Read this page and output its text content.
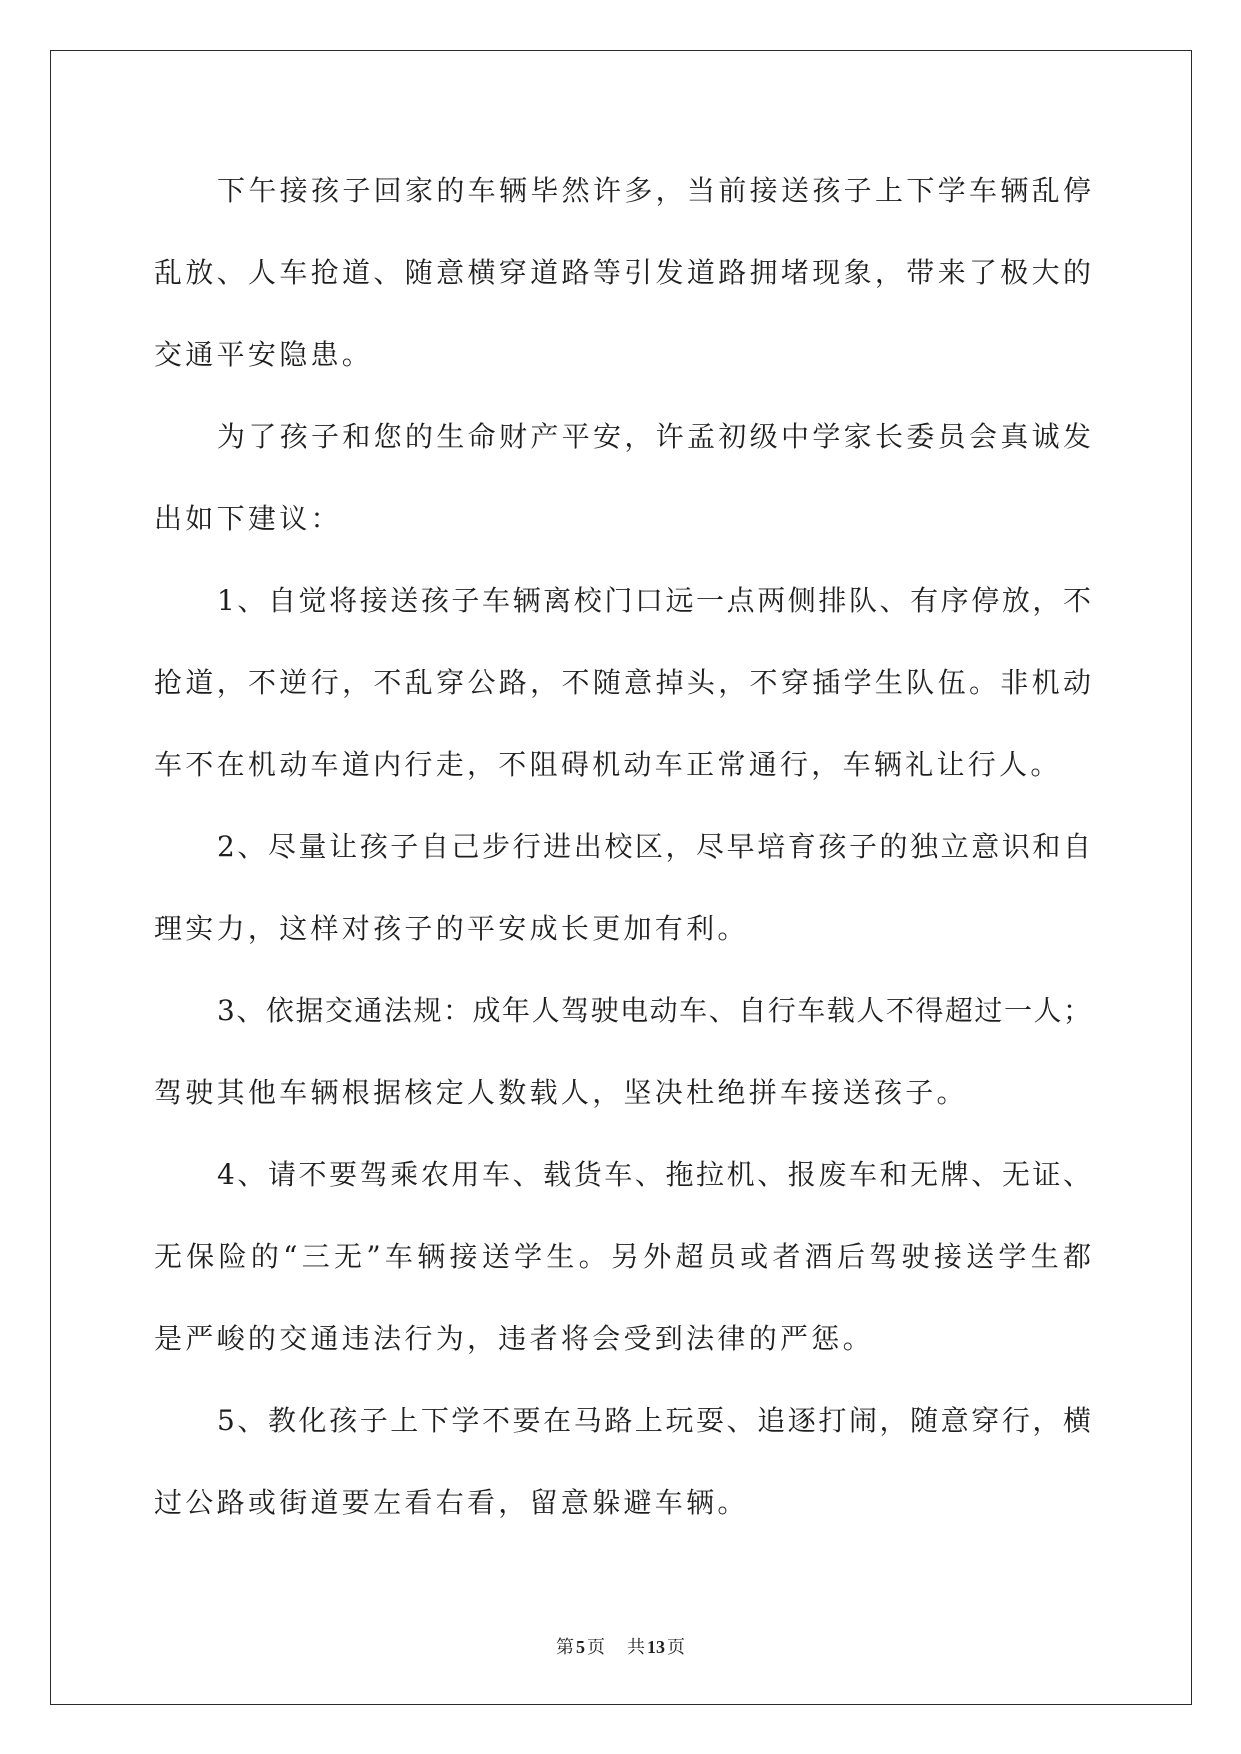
下午接孩子回家的车辆毕然许多，当前接送孩子上下学车辆乱停
乱放、人车抢道、随意横穿道路等引发道路拥堵现象，带来了极大的
交通平安隐患。
为了孩子和您的生命财产平安，许孟初级中学家长委员会真诚发
出如下建议：
1、自觉将接送孩子车辆离校门口远一点两侧排队、有序停放，不
抢道，不逆行，不乱穿公路，不随意掉头，不穿插学生队伍。非机动
车不在机动车道内行走，不阻碍机动车正常通行，车辆礼让行人。
2、尽量让孩子自己步行进出校区，尽早培育孩子的独立意识和自
理实力，这样对孩子的平安成长更加有利。
3、依据交通法规：成年人驾驶电动车、自行车载人不得超过一人；
驾驶其他车辆根据核定人数载人，坚决杜绝拼车接送孩子。
4、请不要驾乘农用车、载货车、拖拉机、报废车和无牌、无证、
无保险的“三无”车辆接送学生。另外超员或者酒后驾驶接送学生都
是严峻的交通违法行为，违者将会受到法律的严惩。
5、教化孩子上下学不要在马路上玩耍、追逐打闹，随意穿行，横
过公路或街道要左看右看，留意躲避车辆。
第 5 页 共 13 页
